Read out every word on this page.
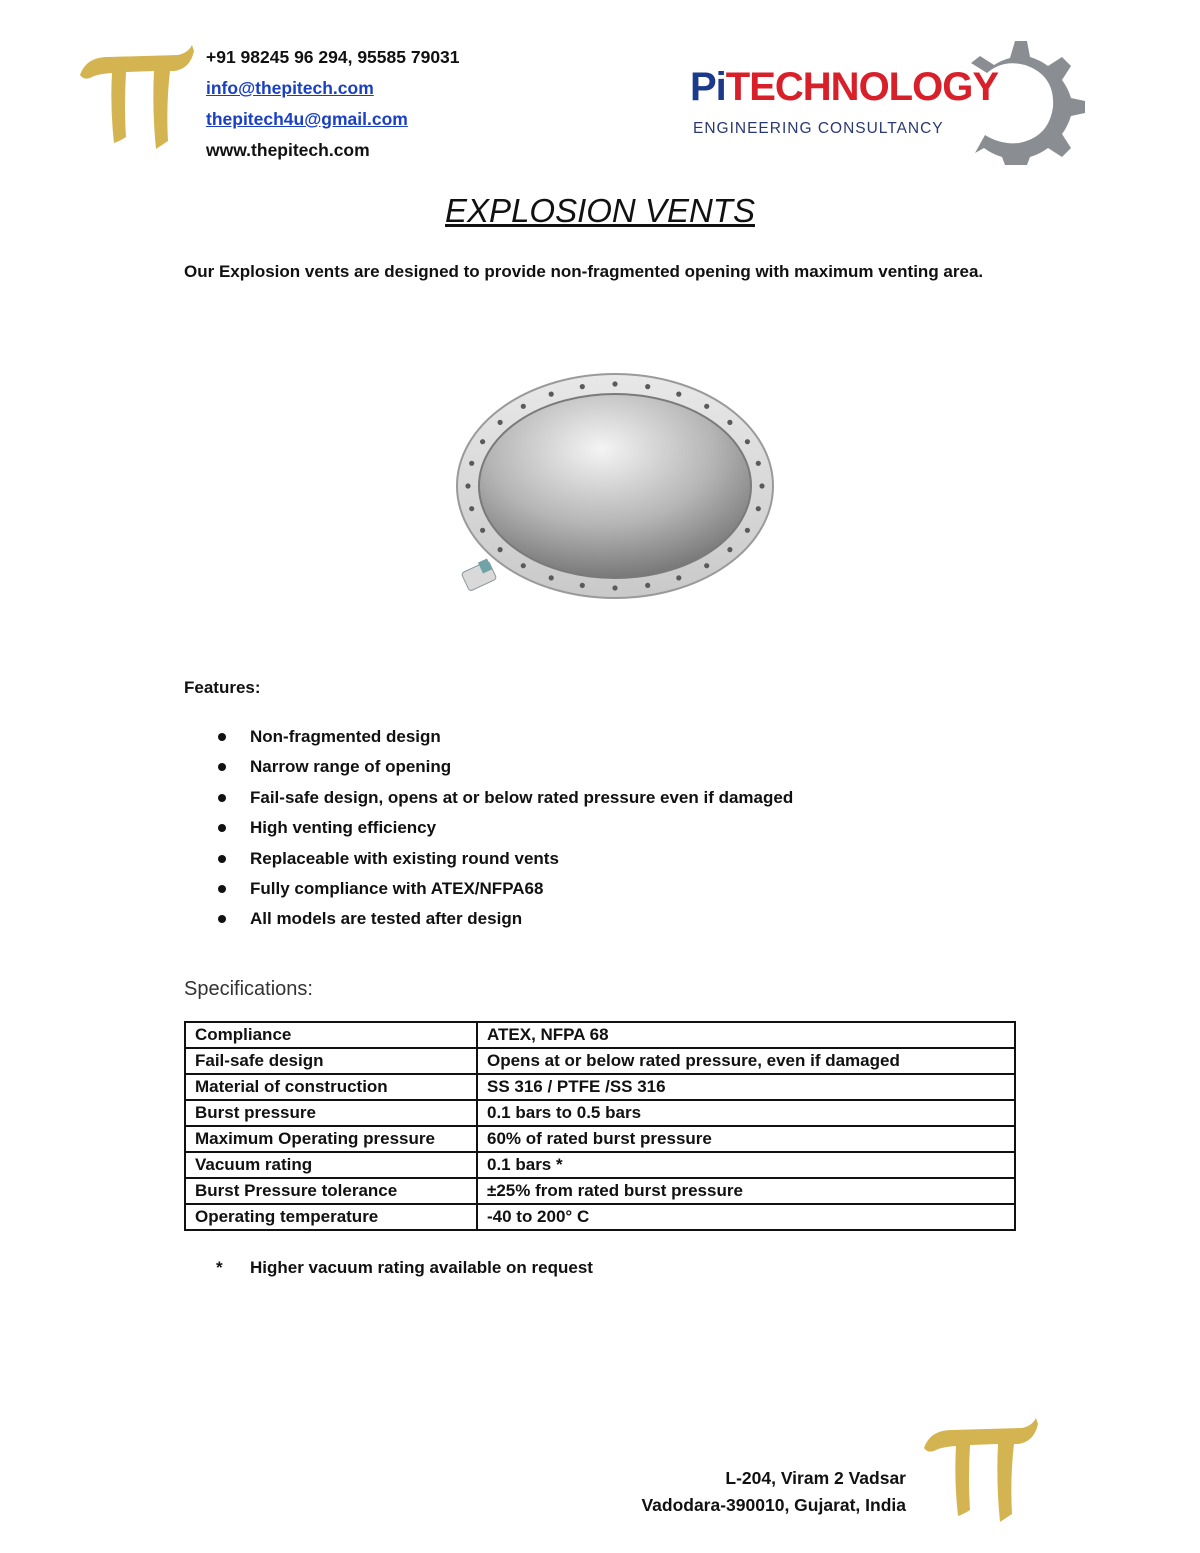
+91 98245 96 294, 95585 79031
info@thepitech.com
thepitech4u@gmail.com
www.thepitech.com
PiTECHNOLOGY
ENGINEERING CONSULTANCY
EXPLOSION VENTS
Our Explosion vents are designed to provide non-fragmented opening with maximum venting area.
Features:
Non-fragmented design
Narrow range of opening
Fail-safe design, opens at or below rated pressure even if damaged
High venting efficiency
Replaceable with existing round vents
Fully compliance with ATEX/NFPA68
All models are tested after design
Specifications:
Compliance	ATEX, NFPA 68
Fail-safe design	Opens at or below rated pressure, even if damaged
Material of construction	SS 316 / PTFE /SS 316
Burst pressure	0.1 bars to 0.5 bars
Maximum Operating pressure	60% of rated burst pressure
Vacuum rating	0.1 bars *
Burst Pressure tolerance	±25% from rated burst pressure
Operating temperature	-40 to 200° C
* Higher vacuum rating available on request
L-204, Viram 2 Vadsar
Vadodara-390010, Gujarat, India
